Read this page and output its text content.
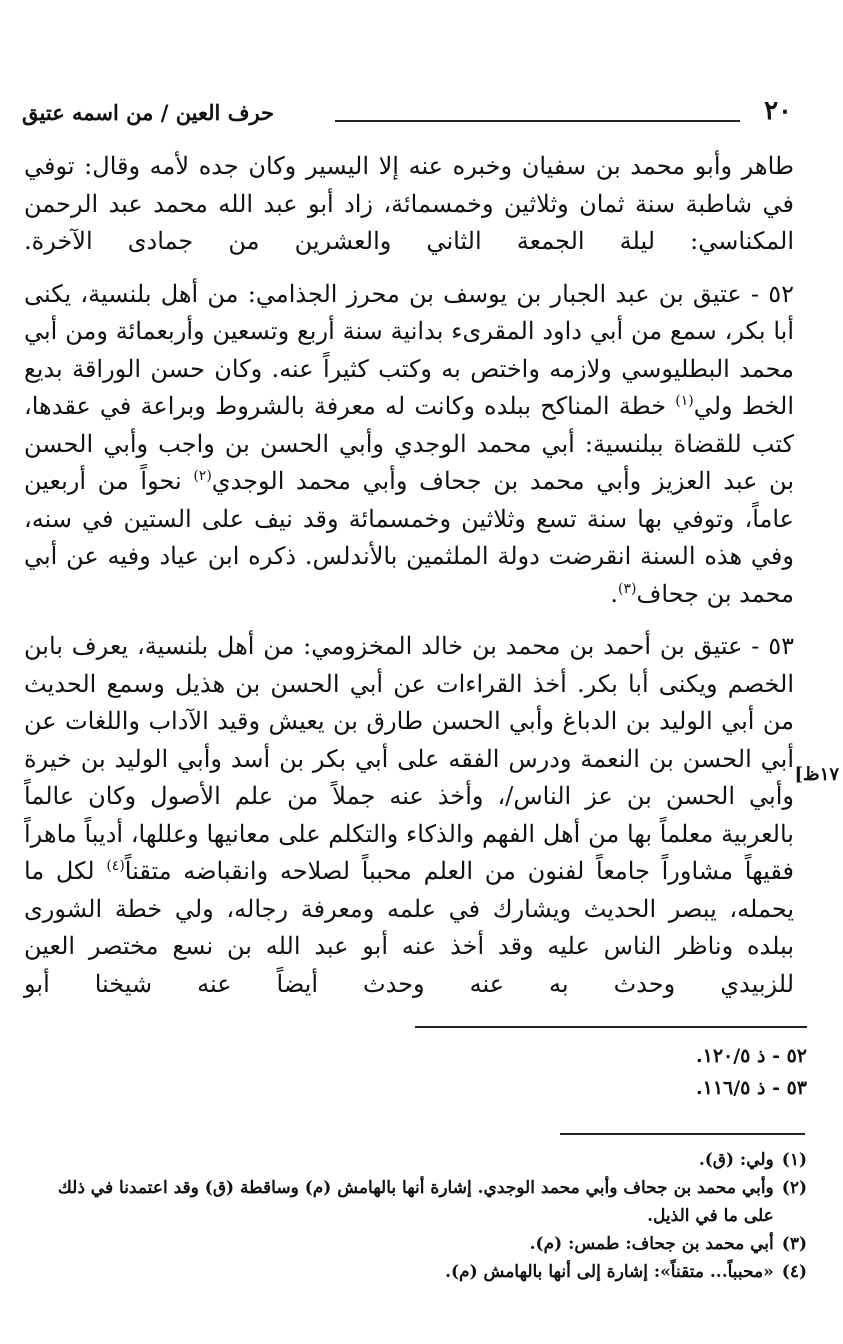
٢٠
حرف العين / من اسمه عتيق

طاهر وأبو محمد بن سفيان وخبره عنه إلا اليسير وكان جده لأمه وقال: توفي في شاطبة سنة ثمان وثلاثين وخمسمائة، زاد أبو عبد الله محمد عبد الرحمن المكناسي: ليلة الجمعة الثاني والعشرين من جمادى الآخرة.

٥٢ - عتيق بن عبد الجبار بن يوسف بن محرز الجذامي: من أهل بلنسية، يكنى أبا بكر، سمع من أبي داود المقرىء بدانية سنة أربع وتسعين وأربعمائة ومن أبي محمد البطليوسي ولازمه واختص به وكتب كثيراً عنه. وكان حسن الوراقة بديع الخط ولي$^{(١)}$ خطة المناكح ببلده وكانت له معرفة بالشروط وبراعة في عقدها، كتب للقضاة ببلنسية: أبي محمد الوجدي وأبي الحسن بن واجب وأبي الحسن بن عبد العزيز وأبي محمد بن جحاف وأبي محمد الوجدي$^{(٢)}$ نحواً من أربعين عاماً، وتوفي بها سنة تسع وثلاثين وخمسمائة وقد نيف على الستين في سنه، وفي هذه السنة انقرضت دولة الملثمين بالأندلس. ذكره ابن عياد وفيه عن أبي محمد بن جحاف$^{(٣)}$.

٥٣ - عتيق بن أحمد بن محمد بن خالد المخزومي: من أهل بلنسية، يعرف بابن الخصم ويكنى أبا بكر. أخذ القراءات عن أبي الحسن بن هذيل وسمع الحديث من أبي الوليد بن الدباغ وأبي الحسن طارق بن يعيش وقيد الآداب واللغات عن أبي الحسن بن النعمة ودرس الفقه على أبي بكر بن أسد وأبي الوليد بن خيرة وأبي الحسن بن عز الناس/، وأخذ عنه جملاً من علم الأصول وكان عالماً بالعربية معلماً بها من أهل الفهم والذكاء والتكلم على معانيها وعللها، أديباً ماهراً فقيهاً مشاوراً جامعاً لفنون من العلم محبباً لصلاحه وانقباضه متقناً$^{(٤)}$ لكل ما يحمله، يبصر الحديث ويشارك في علمه ومعرفة رجاله، ولي خطة الشورى ببلده وناظر الناس عليه وقد أخذ عنه أبو عبد الله بن نسع مختصر العين للزبيدي وحدث به عنه وحدث أيضاً عنه شيخنا أبو

١٧ظ]
٥٢ - ذ ١٢٠/٥.
٥٣ - ذ ١١٦/٥.
(١)
ولي: (ق).
(٢)
وأبي محمد بن جحاف وأبي محمد الوجدي. إشارة أنها بالهامش (م) وساقطة (ق) وقد اعتمدنا في ذلك على ما في الذيل.
(٣)
أبي محمد بن جحاف: طمس: (م).
(٤)
«محبباً... متقناً»: إشارة إلى أنها بالهامش (م).
